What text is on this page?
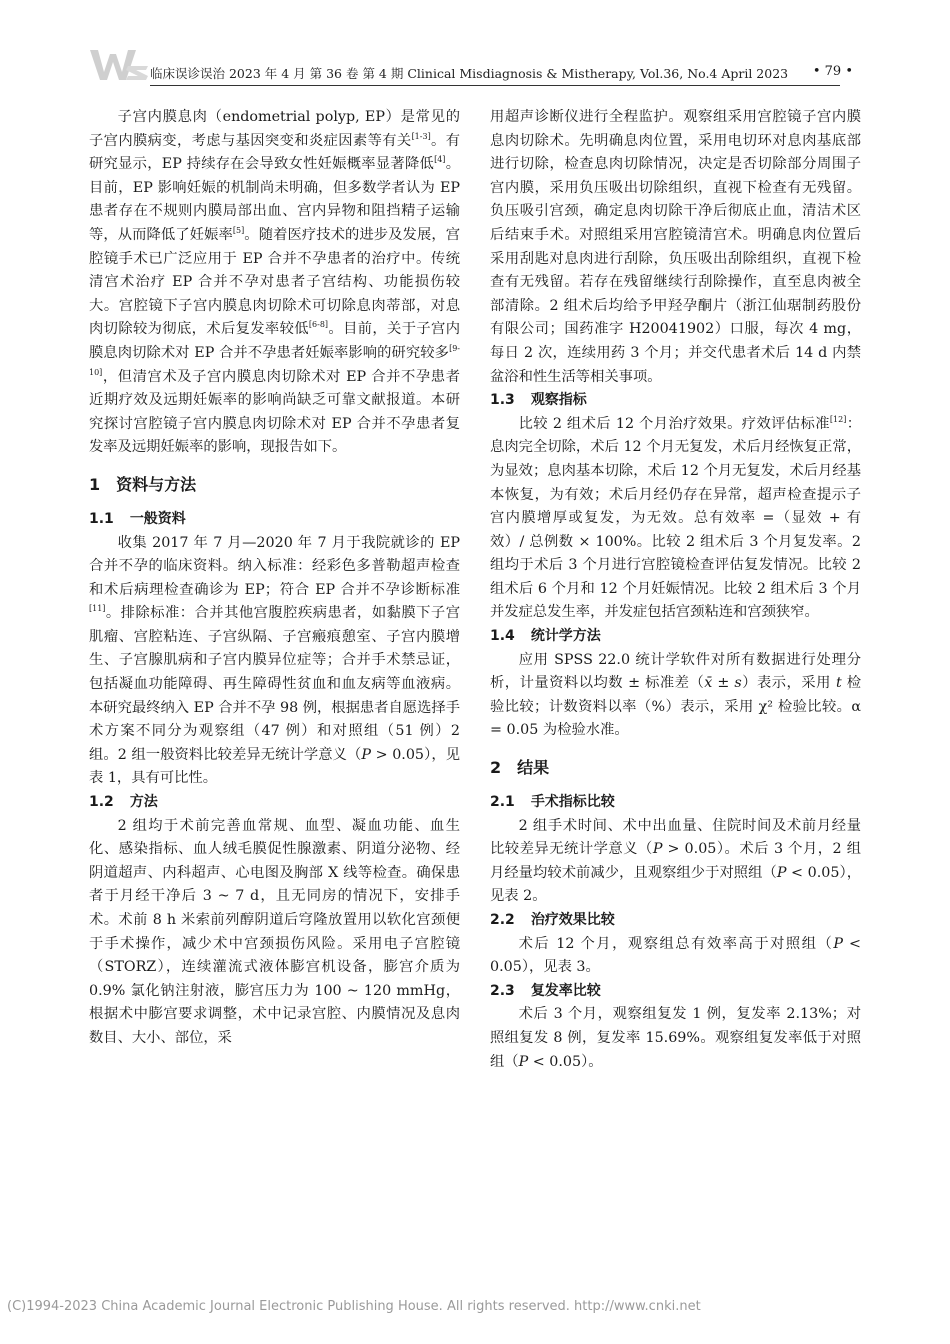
临床误诊误治 2023 年 4 月 第 36 卷 第 4 期 Clinical Misdiagnosis & Mistherapy, Vol.36, No.4 April 2023	• 79 •

子宫内膜息肉（endometrial polyp, EP）是常见的子宫内膜病变，考虑与基因突变和炎症因素等有关[1-3]。有研究显示，EP 持续存在会导致女性妊娠概率显著降低[4]。目前，EP 影响妊娠的机制尚未明确，但多数学者认为 EP 患者存在不规则内膜局部出血、宫内异物和阻挡精子运输等，从而降低了妊娠率[5]。随着医疗技术的进步及发展，宫腔镜手术已广泛应用于 EP 合并不孕患者的治疗中。传统清宫术治疗 EP 合并不孕对患者子宫结构、功能损伤较大。宫腔镜下子宫内膜息肉切除术可切除息肉蒂部，对息肉切除较为彻底，术后复发率较低[6-8]。目前，关于子宫内膜息肉切除术对 EP 合并不孕患者妊娠率影响的研究较多[9-10]，但清宫术及子宫内膜息肉切除术对 EP 合并不孕患者近期疗效及远期妊娠率的影响尚缺乏可靠文献报道。本研究探讨宫腔镜子宫内膜息肉切除术对 EP 合并不孕患者复发率及远期妊娠率的影响，现报告如下。

1 资料与方法
1.1 一般资料

收集 2017 年 7 月—2020 年 7 月于我院就诊的 EP 合并不孕的临床资料。纳入标准：经彩色多普勒超声检查和术后病理检查确诊为 EP；符合 EP 合并不孕诊断标准[11]。排除标准：合并其他宫腹腔疾病患者，如黏膜下子宫肌瘤、宫腔粘连、子宫纵隔、子宫瘢痕憩室、子宫内膜增生、子宫腺肌病和子宫内膜异位症等；合并手术禁忌证，包括凝血功能障碍、再生障碍性贫血和血友病等血液病。本研究最终纳入 EP 合并不孕 98 例，根据患者自愿选择手术方案不同分为观察组（47 例）和对照组（51 例）2 组。2 组一般资料比较差异无统计学意义（P > 0.05），见表 1，具有可比性。

1.2 方法

2 组均于术前完善血常规、血型、凝血功能、血生化、感染指标、血人绒毛膜促性腺激素、阴道分泌物、经阴道超声、内科超声、心电图及胸部 X 线等检查。确保患者于月经干净后 3 ~ 7 d，且无同房的情况下，安排手术。术前 8 h 米索前列醇阴道后穹隆放置用以软化宫颈便于手术操作，减少术中宫颈损伤风险。采用电子宫腔镜（STORZ），连续灌流式液体膨宫机设备，膨宫介质为 0.9% 氯化钠注射液，膨宫压力为 100 ~ 120 mmHg，根据术中膨宫要求调整，术中记录宫腔、内膜情况及息肉数目、大小、部位，采

用超声诊断仪进行全程监护。观察组采用宫腔镜子宫内膜息肉切除术。先明确息肉位置，采用电切环对息肉基底部进行切除，检查息肉切除情况，决定是否切除部分周围子宫内膜，采用负压吸出切除组织，直视下检查有无残留。负压吸引宫颈，确定息肉切除干净后彻底止血，清洁术区后结束手术。对照组采用宫腔镜清宫术。明确息肉位置后采用刮匙对息肉进行刮除，负压吸出刮除组织，直视下检查有无残留。若存在残留继续行刮除操作，直至息肉被全部清除。2 组术后均给予甲羟孕酮片（浙江仙琚制药股份有限公司；国药准字 H20041902）口服，每次 4 mg，每日 2 次，连续用药 3 个月；并交代患者术后 14 d 内禁盆浴和性生活等相关事项。

1.3 观察指标

比较 2 组术后 12 个月治疗效果。疗效评估标准[12]：息肉完全切除，术后 12 个月无复发，术后月经恢复正常，为显效；息肉基本切除，术后 12 个月无复发，术后月经基本恢复，为有效；术后月经仍存在异常，超声检查提示子宫内膜增厚或复发，为无效。总有效率 =（显效 + 有效）/ 总例数 × 100%。比较 2 组术后 3 个月复发率。2 组均于术后 3 个月进行宫腔镜检查评估复发情况。比较 2 组术后 6 个月和 12 个月妊娠情况。比较 2 组术后 3 个月并发症总发生率，并发症包括宫颈粘连和宫颈狭窄。

1.4 统计学方法

应用 SPSS 22.0 统计学软件对所有数据进行处理分析，计量资料以均数 ± 标准差（x̄ ± s）表示，采用 t 检验比较；计数资料以率（%）表示，采用 χ² 检验比较。α = 0.05 为检验水准。

2 结果
2.1 手术指标比较

2 组手术时间、术中出血量、住院时间及术前月经量比较差异无统计学意义（P > 0.05）。术后 3 个月，2 组月经量均较术前减少，且观察组少于对照组（P < 0.05），见表 2。

2.2 治疗效果比较

术后 12 个月，观察组总有效率高于对照组（P < 0.05），见表 3。

2.3 复发率比较

术后 3 个月，观察组复发 1 例，复发率 2.13%；对照组复发 8 例，复发率 15.69%。观察组复发率低于对照组（P < 0.05）。

(C)1994-2023 China Academic Journal Electronic Publishing House. All rights reserved. http://www.cnki.net
